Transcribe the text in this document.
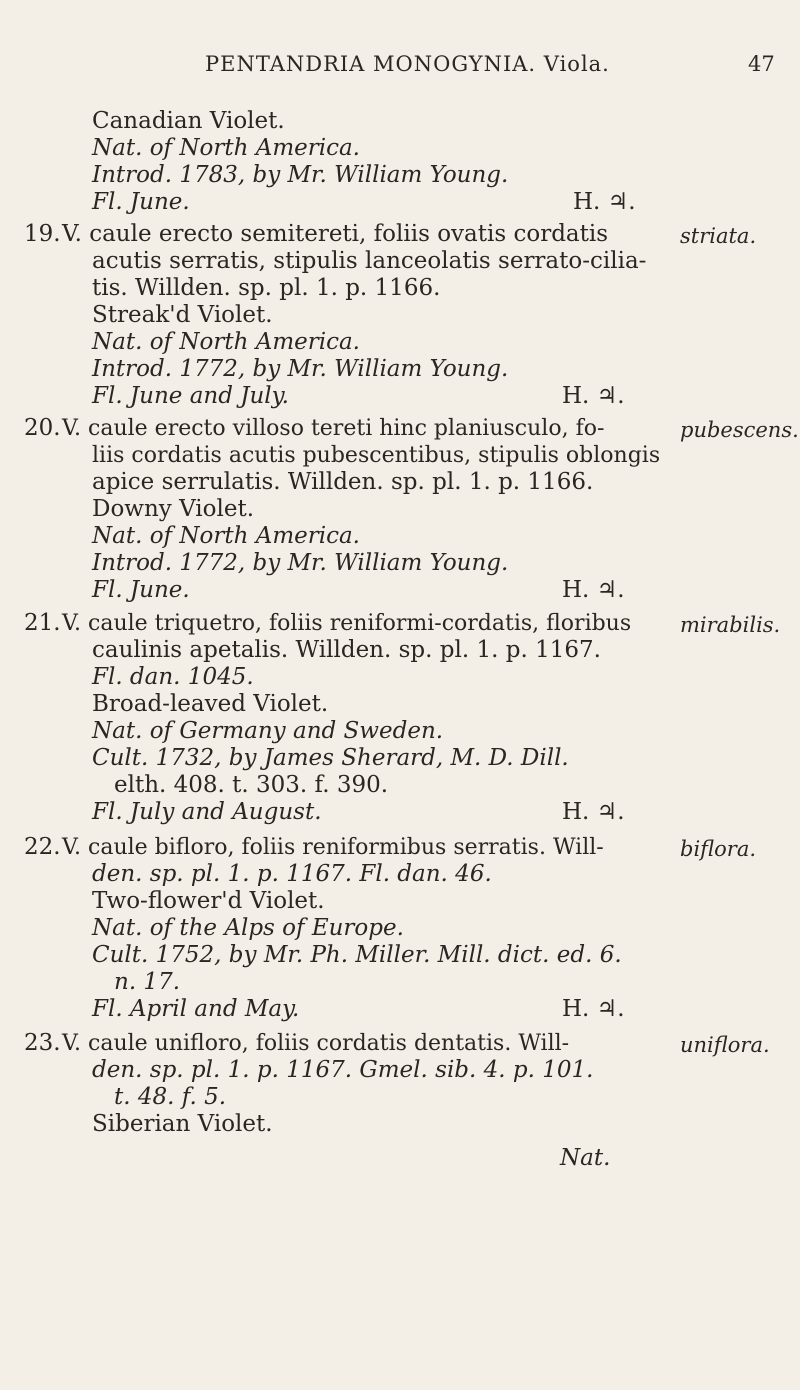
PENTANDRIA MONOGYNIA. Viola.	47
Canadian Violet.
Nat. of North America.
Introd. 1783, by Mr. William Young.
Fl. June.	H. ♃.
19.	striata.
V. caule erecto semitereti, foliis ovatis cordatis
acutis serratis, stipulis lanceolatis serrato-cilia-
tis. Willden. sp. pl. 1. p. 1166.
Streak'd Violet.
Nat. of North America.
Introd. 1772, by Mr. William Young.
Fl. June and July.	H. ♃.
20.	pubescens.
V. caule erecto villoso tereti hinc planiusculo, fo-
liis cordatis acutis pubescentibus, stipulis oblongis
apice serrulatis. Willden. sp. pl. 1. p. 1166.
Downy Violet.
Nat. of North America.
Introd. 1772, by Mr. William Young.
Fl. June.	H. ♃.
21.	mirabilis.
V. caule triquetro, foliis reniformi-cordatis, floribus
caulinis apetalis. Willden. sp. pl. 1. p. 1167.
Fl. dan. 1045.
Broad-leaved Violet.
Nat. of Germany and Sweden.
Cult. 1732, by James Sherard, M. D. Dill.
elth. 408. t. 303. f. 390.
Fl. July and August.	H. ♃.
22.	biflora.
V. caule bifloro, foliis reniformibus serratis. Will-
den. sp. pl. 1. p. 1167. Fl. dan. 46.
Two-flower'd Violet.
Nat. of the Alps of Europe.
Cult. 1752, by Mr. Ph. Miller. Mill. dict. ed. 6.
n. 17.
Fl. April and May.	H. ♃.
23.	uniflora.
V. caule unifloro, foliis cordatis dentatis. Will-
den. sp. pl. 1. p. 1167. Gmel. sib. 4. p. 101.
t. 48. f. 5.
Siberian Violet.
Nat.
